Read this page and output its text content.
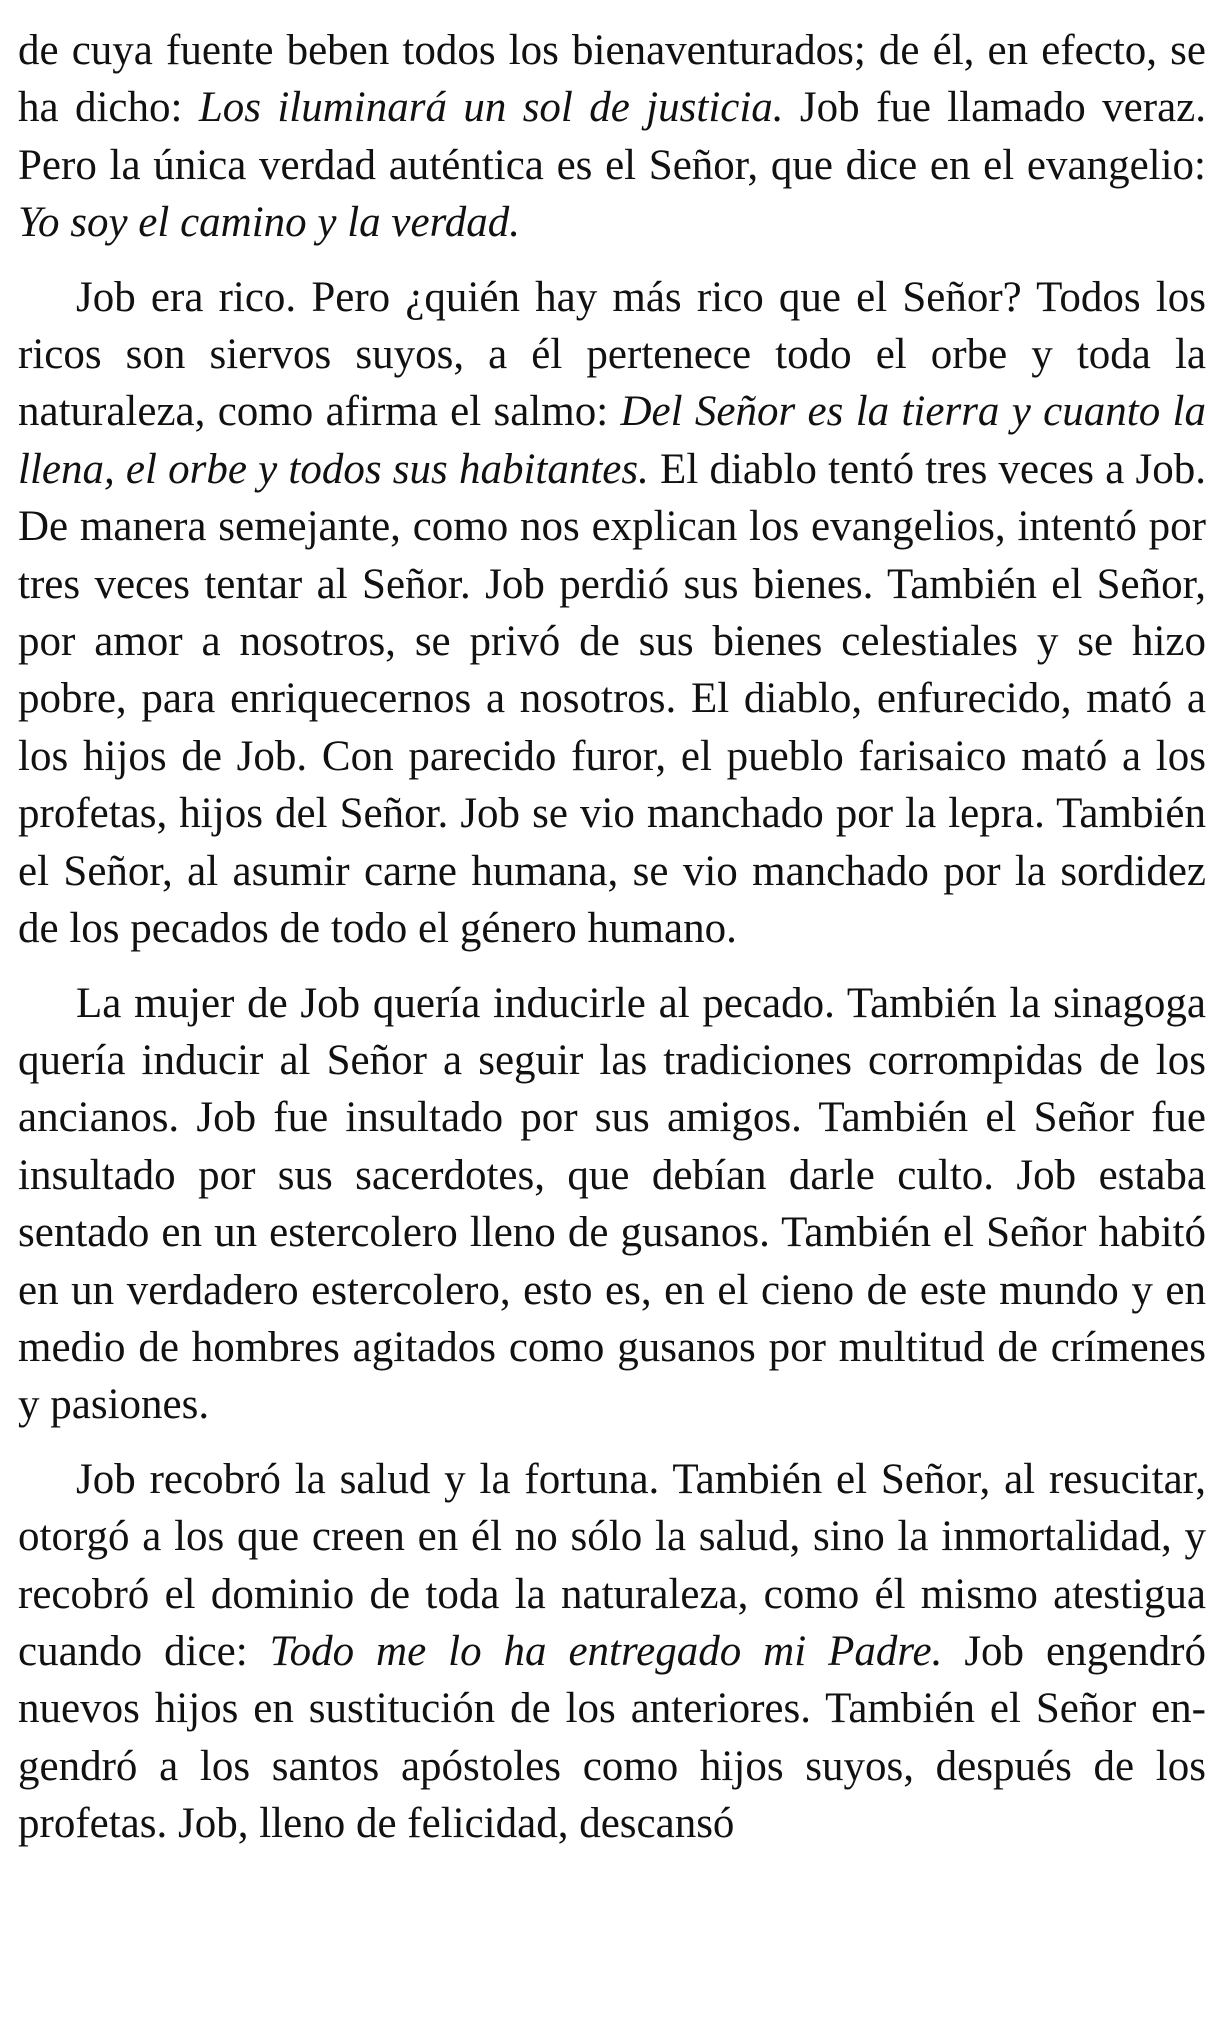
de cuya fuente beben todos los bienaventurados; de él, en efecto, se ha dicho: Los iluminará un sol de justicia. Job fue llamado veraz. Pero la única verdad auténtica es el Señor, que dice en el evangelio: Yo soy el camino y la verdad.

Job era rico. Pero ¿quién hay más rico que el Señor? Todos los ricos son siervos suyos, a él pertenece todo el orbe y toda la naturaleza, como afirma el salmo: Del Señor es la tierra y cuanto la llena, el orbe y todos sus habitantes. El diablo tentó tres veces a Job. De manera semejante, como nos explican los evangelios, intentó por tres veces tentar al Señor. Job perdió sus bienes. También el Señor, por amor a nosotros, se privó de sus bienes celestiales y se hizo pobre, para enriquecernos a nosotros. El diablo, enfurecido, mató a los hijos de Job. Con parecido furor, el pueblo farisaico mató a los profetas, hijos del Señor. Job se vio manchado por la lepra. También el Señor, al asumir carne humana, se vio manchado por la sordidez de los pecados de todo el género humano.

La mujer de Job quería inducirle al pecado. También la sinagoga quería inducir al Señor a seguir las tradiciones corrompidas de los ancianos. Job fue insultado por sus amigos. También el Señor fue insultado por sus sacerdotes, que debían darle culto. Job estaba sentado en un estercolero lleno de gusanos. También el Señor habitó en un verdadero estercolero, esto es, en el cieno de este mundo y en medio de hombres agitados como gusanos por multitud de crímenes y pasiones.

Job recobró la salud y la fortuna. También el Señor, al resucitar, otorgó a los que creen en él no sólo la salud, sino la inmortalidad, y recobró el dominio de toda la naturaleza, como él mismo atestigua cuando dice: Todo me lo ha entregado mi Padre. Job engendró nuevos hijos en sustitución de los anteriores. También el Señor engendró a los santos apóstoles como hijos suyos, después de los profetas. Job, lleno de felicidad, descansó
